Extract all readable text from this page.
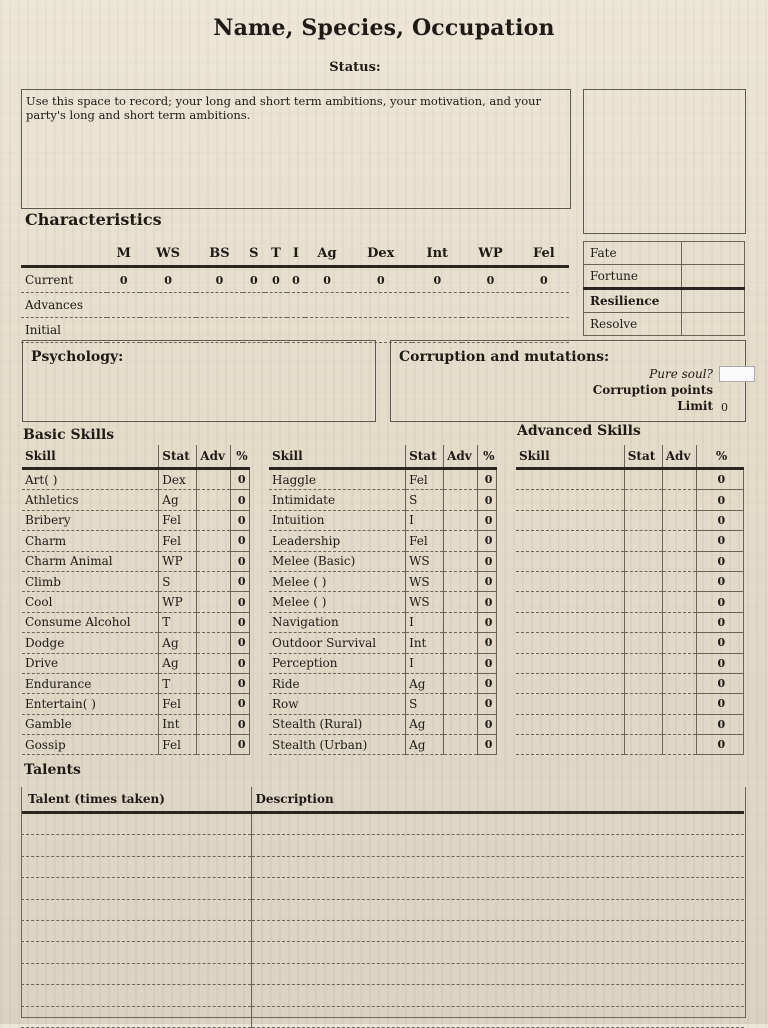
Name, Species, Occupation
Status:
Use this space to record; your long and short term ambitions, your motivation, and your party's long and short term ambitions.
Characteristics
	M	WS	BS	S	T	I	Ag	Dex	Int	WP	Fel
Current	0	0	0	0	0	0	0	0	0	0	0
Advances											
Initial											
Fate	
Fortune	
Resilience	
Resolve	
Psychology:	Corruption and mutations:
Pure soul?
Corruption points
Limit 0
Basic Skills	Advanced Skills
Skill	Stat	Adv	%
Art( )	Dex		0
Athletics	Ag		0
Bribery	Fel		0
Charm	Fel		0
Charm Animal	WP		0
Climb	S		0
Cool	WP		0
Consume Alcohol	T		0
Dodge	Ag		0
Drive	Ag		0
Endurance	T		0
Entertain( )	Fel		0
Gamble	Int		0
Gossip	Fel		0
Skill	Stat	Adv	%
Haggle	Fel		0
Intimidate	S		0
Intuition	I		0
Leadership	Fel		0
Melee (Basic)	WS		0
Melee ( )	WS		0
Melee ( )	WS		0
Navigation	I		0
Outdoor Survival	Int		0
Perception	I		0
Ride	Ag		0
Row	S		0
Stealth (Rural)	Ag		0
Stealth (Urban)	Ag		0
Skill	Stat	Adv	%
			0
			0
			0
			0
			0
			0
			0
			0
			0
			0
			0
			0
			0
			0
Talents
Talent (times taken)	Description
